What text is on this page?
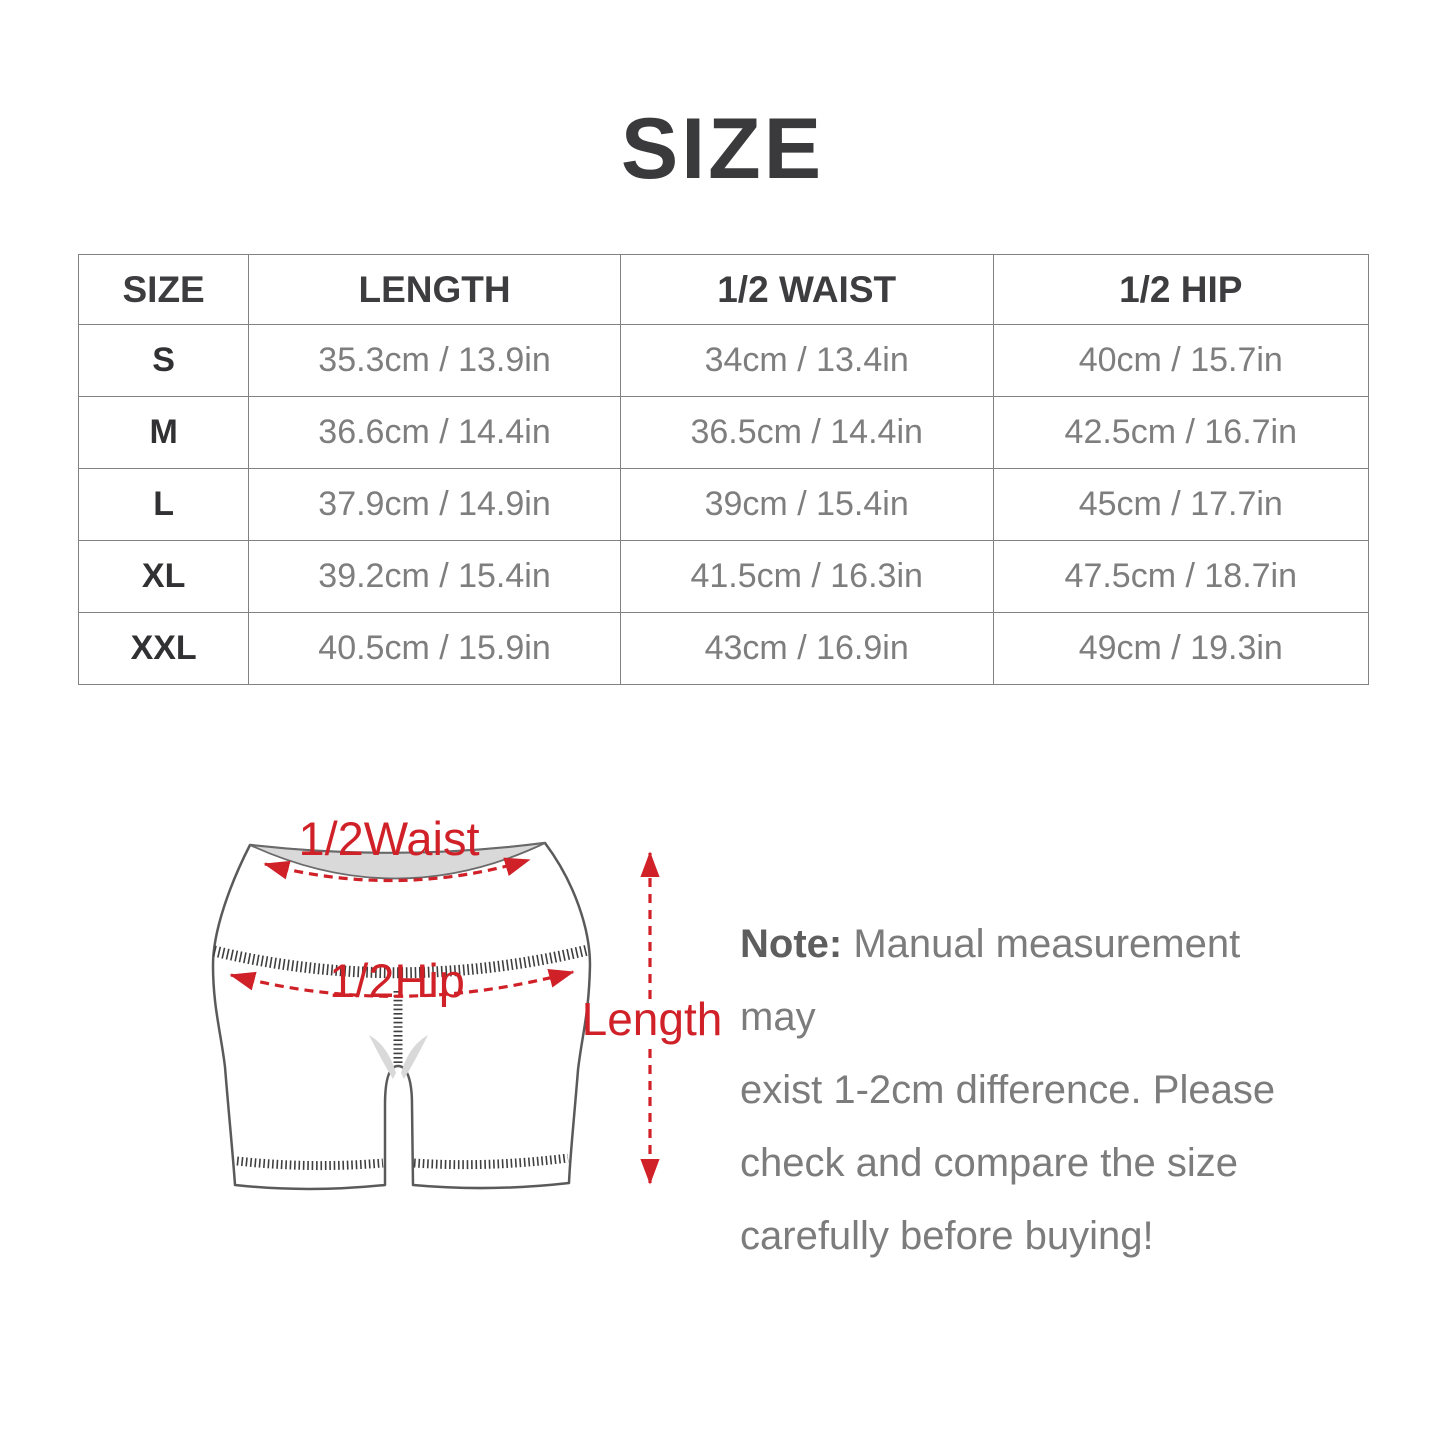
SIZE
SIZE	LENGTH	1/2 WAIST	1/2 HIP
S	35.3cm / 13.9in	34cm / 13.4in	40cm / 15.7in
M	36.6cm / 14.4in	36.5cm / 14.4in	42.5cm / 16.7in
L	37.9cm / 14.9in	39cm / 15.4in	45cm / 17.7in
XL	39.2cm / 15.4in	41.5cm / 16.3in	47.5cm / 18.7in
XXL	40.5cm / 15.9in	43cm / 16.9in	49cm / 19.3in
1/2Waist
1/2Hip
Length
Note: Manual measurement may
exist 1-2cm difference. Please
check and compare the size
carefully before buying!
